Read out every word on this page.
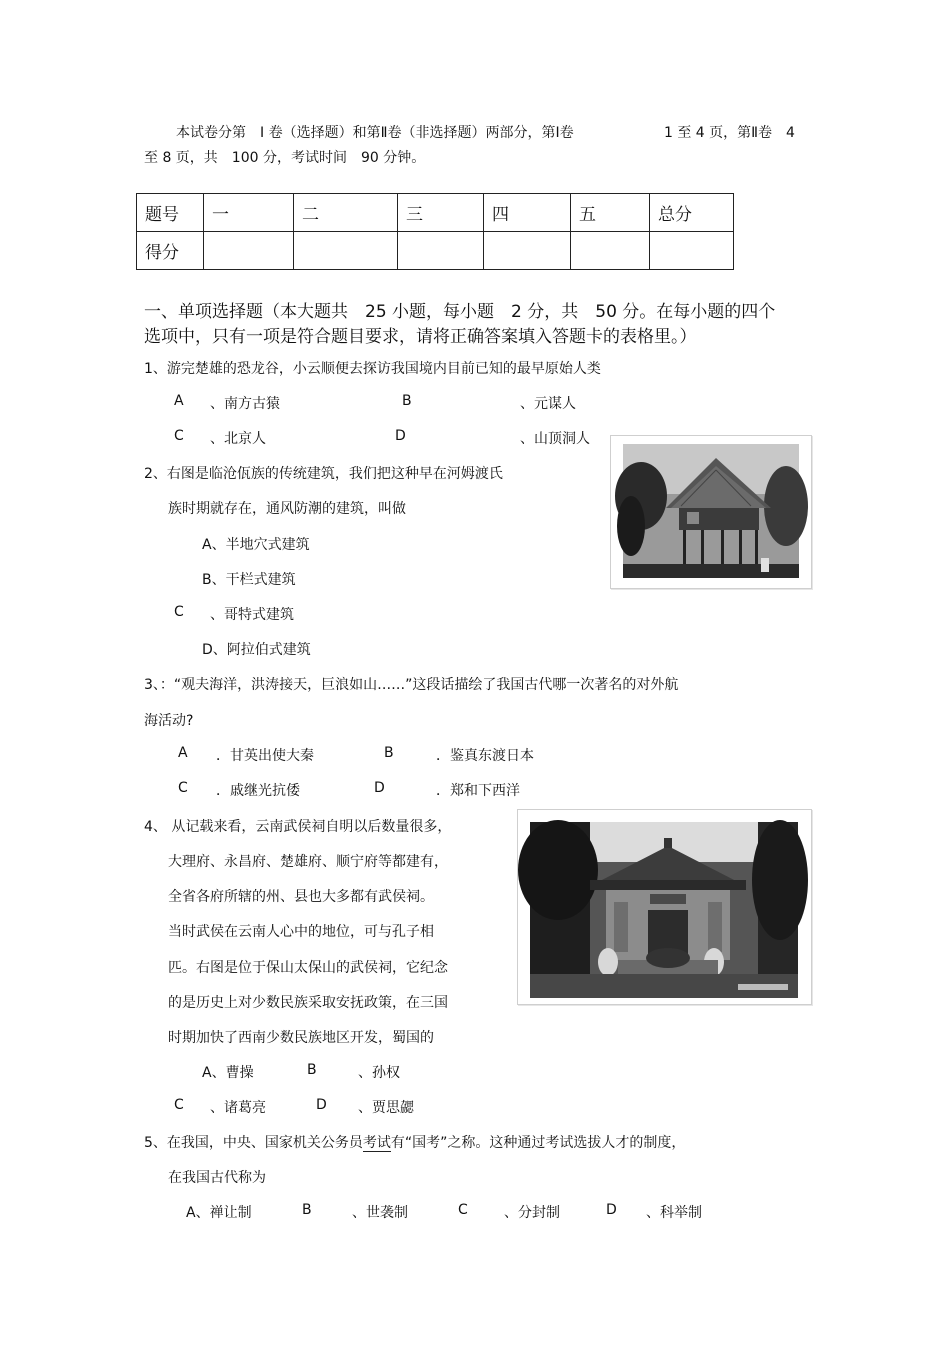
本试卷分第　Ⅰ 卷（选择题）和第Ⅱ卷（非选择题）两部分，第Ⅰ卷	1 至 4 页，第Ⅱ卷　4
至 8 页，共　100 分，考试时间　90 分钟。
题号	一	二	三	四	五	总分
得分						
一、单项选择题（本大题共　25 小题，每小题　2 分，共　50 分。在每小题的四个
选项中，只有一项是符合题目要求，请将正确答案填入答题卡的表格里。）
1、游完楚雄的恐龙谷，小云顺便去探访我国境内目前已知的最早原始人类
A 、南方古猿	B	、元谋人
C 、北京人	D	、山顶洞人
2、右图是临沧佤族的传统建筑，我们把这种早在河姆渡氏
族时期就存在，通风防潮的建筑，叫做
A、半地穴式建筑
B、干栏式建筑
C 、哥特式建筑
D、阿拉伯式建筑
3、：“观夫海洋，洪涛接天，巨浪如山……”这段话描绘了我国古代哪一次著名的对外航
海活动?
A ．甘英出使大秦	B	．鉴真东渡日本
C ．戚继光抗倭	D	．郑和下西洋
4、 从记载来看，云南武侯祠自明以后数量很多，
大理府、永昌府、楚雄府、顺宁府等都建有，
全省各府所辖的州、县也大多都有武侯祠。
当时武侯在云南人心中的地位，可与孔子相
匹。右图是位于保山太保山的武侯祠，它纪念
的是历史上对少数民族采取安抚政策，在三国
时期加快了西南少数民族地区开发，蜀国的
A、曹操	B	、孙权
C 、诸葛亮	D 、贾思勰
5、在我国，中央、国家机关公务员考试有“国考”之称。这种通过考试选拔人才的制度，
在我国古代称为
A、禅让制	B	、世袭制	C	、分封制	D 、科举制
